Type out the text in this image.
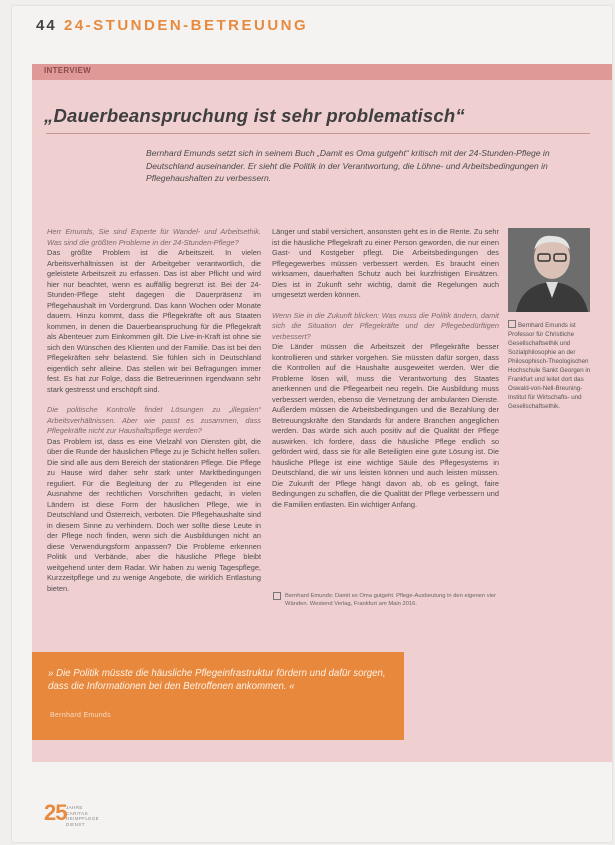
44 24-STUNDEN-BETREUUNG
INTERVIEW
„Dauerbeanspruchung ist sehr problematisch“
Bernhard Emunds setzt sich in seinem Buch „Damit es Oma gutgeht“ kritisch mit der 24-Stunden-Pflege in Deutschland auseinander. Er sieht die Politik in der Verantwortung, die Löhne- und Arbeitsbedingungen in Pflegehaushalten zu verbessern.

Herr Emunds, Sie sind Experte für Wandel- und Arbeitsethik. Was sind die größten Probleme in der 24-Stunden-Pflege?

Das größte Problem ist die Arbeitszeit. In vielen Arbeitsverhältnissen ist der Arbeitgeber verantwortlich, die geleistete Arbeitszeit zu erfassen. Das ist aber Pflicht und wird hier nur beachtet, wenn es auffällig begrenzt ist. Bei der 24-Stunden-Pflege steht dagegen die Dauerpräsenz im Pflegehaushalt im Vordergrund. Das kann Wochen oder Monate dauern. Hinzu kommt, dass die Pflegekräfte oft aus Staaten kommen, in denen die Dauerbeanspruchung für die Pflegekraft als Abenteuer zum Einkommen gilt. Die Live-in-Kraft ist ohne sie sich den Wünschen des Klienten und der Familie. Das ist bei den Pflegekräften sehr belastend. Sie fühlen sich in Deutschland eigentlich sehr alleine. Das stellen wir bei Befragungen immer fest. Es hat zur Folge, dass die Betreuerinnen irgendwann sehr stark gestresst und erschöpft sind.

Die politische Kontrolle findet Lösungen zu „illegalen“ Arbeitsverhältnissen. Aber wie passt es zusammen, dass Pflegekräfte nicht zur Haushaltspflege werden?

Das Problem ist, dass es eine Vielzahl von Diensten gibt, die über die Runde der häuslichen Pflege zu je Schicht helfen sollen. Die sind alle aus dem Bereich der stationären Pflege. Die Pflege zu Hause wird daher sehr stark unter Marktbedingungen reguliert. Für die Begleitung der zu Pflegenden ist eine Ausnahme der rechtlichen Vorschriften gedacht, in vielen Ländern ist diese Form der häuslichen Pflege, wie in Deutschland und Österreich, verboten. Die Pflegehaushalte sind in diesem Sinne zu verhindern. Doch wer sollte diese Leute in der Pflege noch finden, wenn sich die Ausbildungen nicht an diese Verwendungsform anpassen? Die Probleme erkennen Politik und Verbände, aber die häusliche Pflege bleibt weitgehend unter dem Radar. Wir haben zu wenig Tagespflege, Kurzzeitpflege und zu wenige Angebote, die wirklich Entlastung bieten.

Länger und stabil versichert, ansonsten geht es in die Rente. Zu sehr ist die häusliche Pflegekraft zu einer Person geworden, die nur einen Gast- und Kostgeber pflegt. Die Arbeitsbedingungen des Pflegegewerbes müssen verbessert werden. Es braucht einen wirksamen, dauerhaften Schutz auch bei kurzfristigen Einsätzen. Dies ist in Zukunft sehr wichtig, damit die Regelungen auch umgesetzt werden können.

Wenn Sie in die Zukunft blicken: Was muss die Politik ändern, damit sich die Situation der Pflegekräfte und der Pflegebedürftigen verbessert?

Die Länder müssen die Arbeitszeit der Pflegekräfte besser kontrollieren und stärker vorgehen. Sie müssten dafür sorgen, dass die Kontrollen auf die Haushalte ausgeweitet werden. Wer die Probleme lösen will, muss die Verantwortung des Staates anerkennen und die Pflegearbeit neu regeln. Die Ausbildung muss verbessert werden, ebenso die Vernetzung der ambulanten Dienste. Außerdem müssen die Arbeitsbedingungen und die Bezahlung der Betreuungskräfte den Standards für andere Branchen angeglichen werden. Das würde sich auch positiv auf die Qualität der Pflege auswirken. Ich fordere, dass die häusliche Pflege endlich so gefördert wird, dass sie für alle Beteiligten eine gute Lösung ist. Die häusliche Pflege ist eine wichtige Säule des Pflegesystems in Deutschland, die wir uns leisten können und auch leisten müssen. Die Zukunft der Pflege hängt davon ab, ob es gelingt, faire Bedingungen zu schaffen, die die Qualität der Pflege verbessern und die Familien entlasten. Ein wichtiger Anfang.

Bernhard Emunds: Damit es Oma gutgeht. Pflege-Ausbeutung in den eigenen vier Wänden. Westend Verlag, Frankfurt am Main 2016.
Bernhard Emunds ist Professor für Christliche Gesellschaftsethik und Sozialphilosophie an der Philosophisch-Theologischen Hochschule Sankt Georgen in Frankfurt und leitet dort das Oswald-von-Nell-Breuning-Institut für Wirtschafts- und Gesellschaftsethik.
» Die Politik müsste die häusliche Pflegeinfrastruktur fördern und dafür sorgen, dass die Informationen bei den Betroffenen ankommen. «
Bernhard Emunds
25 JAHRE CARITAS HEIMPFLEGE DIENST
